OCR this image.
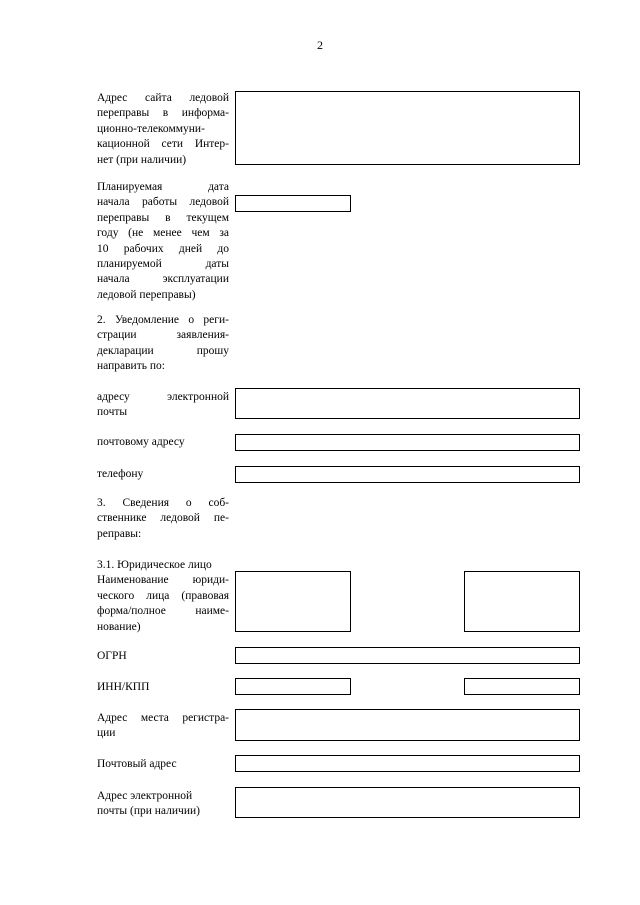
2
Адрес сайта ледовой
переправы в информа-
ционно-телекоммуни-
кационной сети Интер-
нет (при наличии)
Планируемая дата
начала работы ледовой
переправы в текущем
году (не менее чем за
10 рабочих дней до
планируемой даты
начала эксплуатации
ледовой переправы)
2. Уведомление о реги-
страции заявления-
декларации прошу
направить по:
адресу электронной
почты
почтовому адресу
телефону
3. Сведения о соб-
ственнике ледовой пе-
реправы:
3.1. Юридическое лицо
Наименование юриди-
ческого лица (правовая
форма/полное наиме-
нование)
ОГРН
ИНН/КПП
Адрес места регистра-
ции
Почтовый адрес
Адрес электронной
почты (при наличии)
